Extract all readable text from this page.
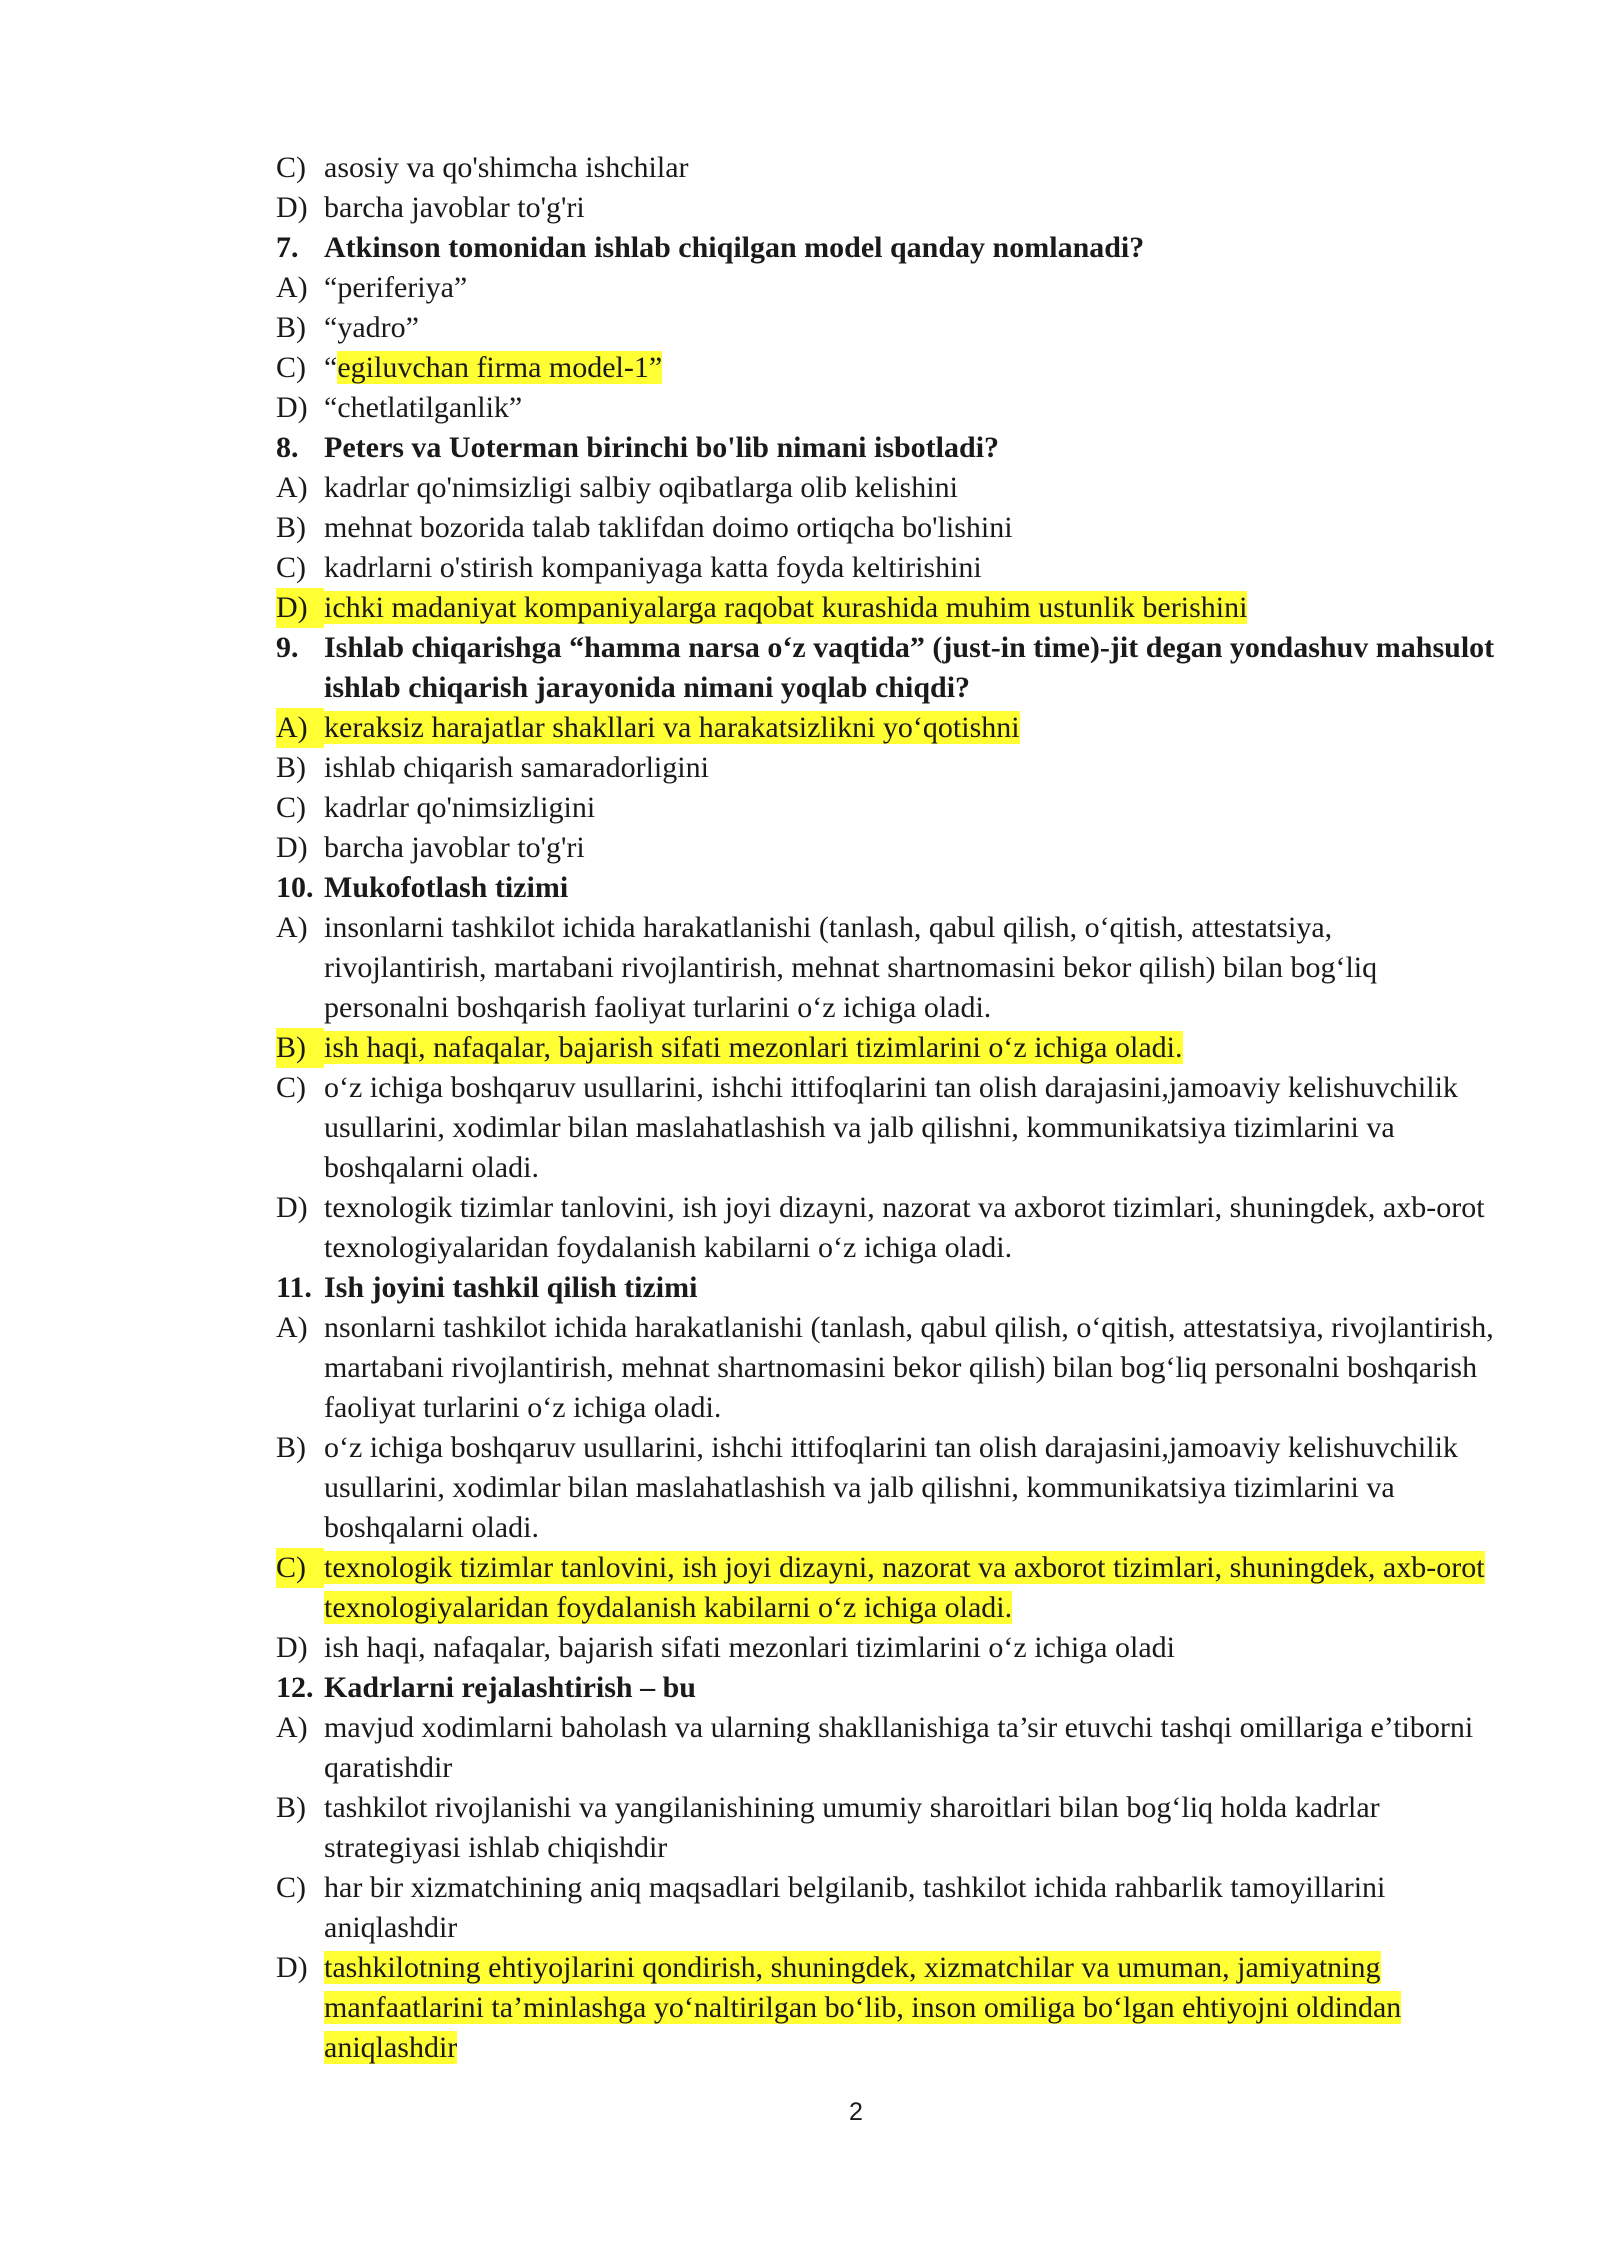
C) asosiy va qo'shimcha ishchilar
D) barcha javoblar to'g'ri
7. Atkinson tomonidan ishlab chiqilgan model qanday nomlanadi?
A) “periferiya”
B) “yadro”
C) “egiluvchan firma model-1”
D) “chetlatilganlik”
8. Peters va Uoterman birinchi bo'lib nimani isbotladi?
A) kadrlar qo'nimsizligi salbiy oqibatlarga olib kelishini
B) mehnat bozorida talab taklifdan doimo ortiqcha bo'lishini
C) kadrlarni o'stirish kompaniyaga katta foyda keltirishini
D) ichki madaniyat kompaniyalarga raqobat kurashida muhim ustunlik berishini
9. Ishlab chiqarishga “hamma narsa o‘z vaqtida” (just-in time)-jit degan yondashuv mahsulot ishlab chiqarish jarayonida nimani yoqlab chiqdi?
A) keraksiz harajatlar shakllari va harakatsizlikni yo‘qotishni
B) ishlab chiqarish samaradorligini
C) kadrlar qo'nimsizligini
D) barcha javoblar to'g'ri
10. Mukofotlash tizimi
A) insonlarni tashkilot ichida harakatlanishi (tanlash, qabul qilish, o‘qitish, attestatsiya, rivojlantirish, martabani rivojlantirish, mehnat shartnomasini bekor qilish) bilan bog‘liq personalni boshqarish faoliyat turlarini o‘z ichiga oladi.
B) ish haqi, nafaqalar, bajarish sifati mezonlari tizimlarini o‘z ichiga oladi.
C) o‘z ichiga boshqaruv usullarini, ishchi ittifoqlarini tan olish darajasini,jamoaviy kelishuvchilik usullarini, xodimlar bilan maslahatlashish va jalb qilishni, kommunikatsiya tizimlarini va boshqalarni oladi.
D) texnologik tizimlar tanlovini, ish joyi dizayni, nazorat va axborot tizimlari, shuningdek, axb-orot texnologiyalaridan foydalanish kabilarni o‘z ichiga oladi.
11. Ish joyini tashkil qilish tizimi
A) nsonlarni tashkilot ichida harakatlanishi (tanlash, qabul qilish, o‘qitish, attestatsiya, rivojlantirish, martabani rivojlantirish, mehnat shartnomasini bekor qilish) bilan bog‘liq personalni boshqarish faoliyat turlarini o‘z ichiga oladi.
B) o‘z ichiga boshqaruv usullarini, ishchi ittifoqlarini tan olish darajasini,jamoaviy kelishuvchilik usullarini, xodimlar bilan maslahatlashish va jalb qilishni, kommunikatsiya tizimlarini va boshqalarni oladi.
C) texnologik tizimlar tanlovini, ish joyi dizayni, nazorat va axborot tizimlari, shuningdek, axb-orot texnologiyalaridan foydalanish kabilarni o‘z ichiga oladi.
D) ish haqi, nafaqalar, bajarish sifati mezonlari tizimlarini o‘z ichiga oladi
12. Kadrlarni rejalashtirish – bu
A) mavjud xodimlarni baholash va ularning shakllanishiga ta’sir etuvchi tashqi omillariga e’tiborni qaratishdir
B) tashkilot rivojlanishi va yangilanishining umumiy sharoitlari bilan bog‘liq holda kadrlar strategiyasi ishlab chiqishdir
C) har bir xizmatchining aniq maqsadlari belgilanib, tashkilot ichida rahbarlik tamoyillarini aniqlashdir
D) tashkilotning ehtiyojlarini qondirish, shuningdek, xizmatchilar va umuman, jamiyatning manfaatlarini ta’minlashga yo‘naltirilgan bo‘lib, inson omiliga bo‘lgan ehtiyojni oldindan aniqlashdir
2
